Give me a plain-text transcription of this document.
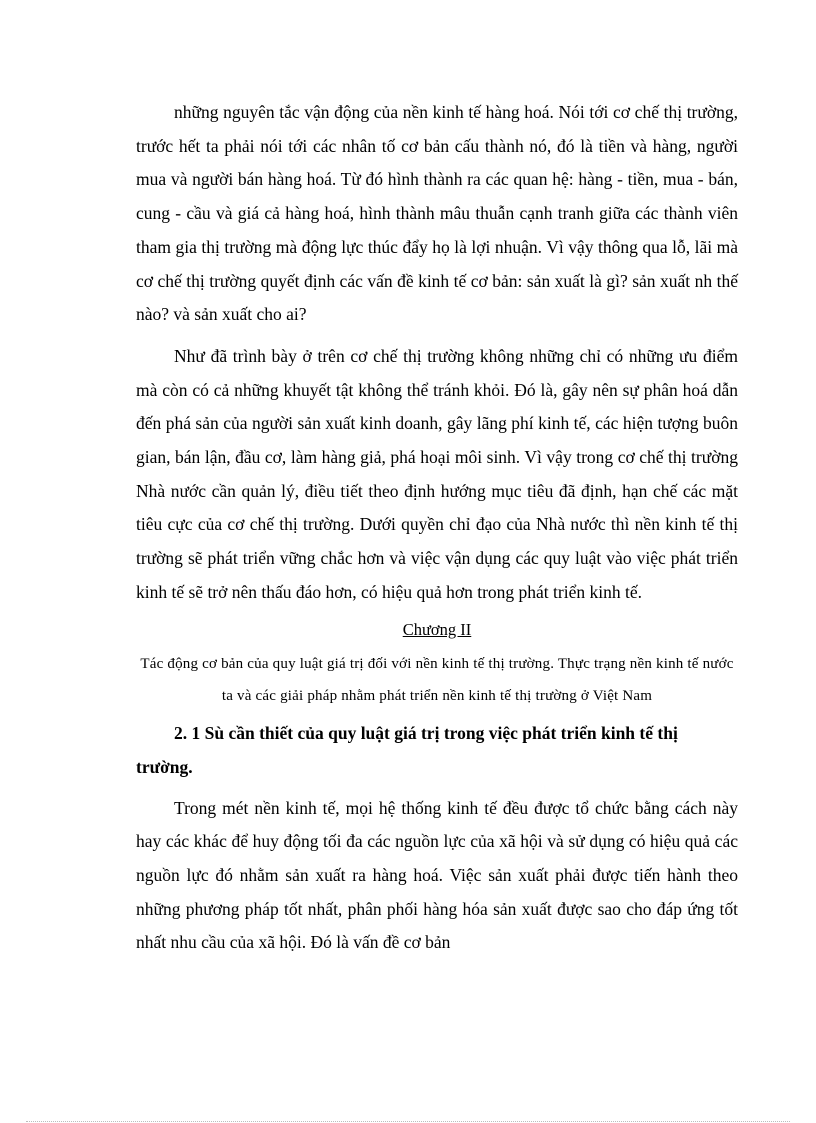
những nguyên tắc vận động của nền kinh tế hàng hoá. Nói tới cơ chế thị trường, trước hết ta phải nói tới các nhân tố cơ bản cấu thành nó, đó là tiền và hàng, người mua và người bán hàng hoá. Từ đó hình thành ra các quan hệ: hàng - tiền, mua - bán, cung - cầu và giá cả hàng hoá, hình thành mâu thuẫn cạnh tranh giữa các thành viên tham gia thị trường mà động lực thúc đẩy họ là lợi nhuận. Vì vậy thông qua lỗ, lãi mà cơ chế thị trường quyết định các vấn đề kinh tế cơ bản: sản xuất là gì? sản xuất nh thế nào? và sản xuất cho ai?

Như đã trình bày ở trên cơ chế thị trường không những chỉ có những ưu điểm mà còn có cả những khuyết tật không thể tránh khỏi. Đó là, gây nên sự phân hoá dẫn đến phá sản của người sản xuất kinh doanh, gây lãng phí kinh tế, các hiện tượng buôn gian, bán lận, đầu cơ, làm hàng giả, phá hoại môi sinh. Vì vậy trong cơ chế thị trường Nhà nước cần quản lý, điều tiết theo định hướng mục tiêu đã định, hạn chế các mặt tiêu cực của cơ chế thị trường. Dưới quyền chỉ đạo của Nhà nước thì nền kinh tế thị trường sẽ phát triển vững chắc hơn và việc vận dụng các quy luật vào việc phát triển kinh tế sẽ trở nên thấu đáo hơn, có hiệu quả hơn trong phát triển kinh tế.

Chương II
Tác động cơ bản của quy luật giá trị đối với nền kinh tế thị trường. Thực trạng nền kinh tế nước ta và các giải pháp nhằm phát triển nền kinh tế thị trường ở Việt Nam
2. 1 Sù cần thiết của quy luật giá trị trong việc phát triển kinh tế thị trường.

Trong mét nền kinh tế, mọi hệ thống kinh tế đều được tổ chức bằng cách này hay các khác để huy động tối đa các nguồn lực của xã hội và sử dụng có hiệu quả các nguồn lực đó nhằm sản xuất ra hàng hoá. Việc sản xuất phải được tiến hành theo những phương pháp tốt nhất, phân phối hàng hóa sản xuất được sao cho đáp ứng tốt nhất nhu cầu của xã hội. Đó là vấn đề cơ bản
